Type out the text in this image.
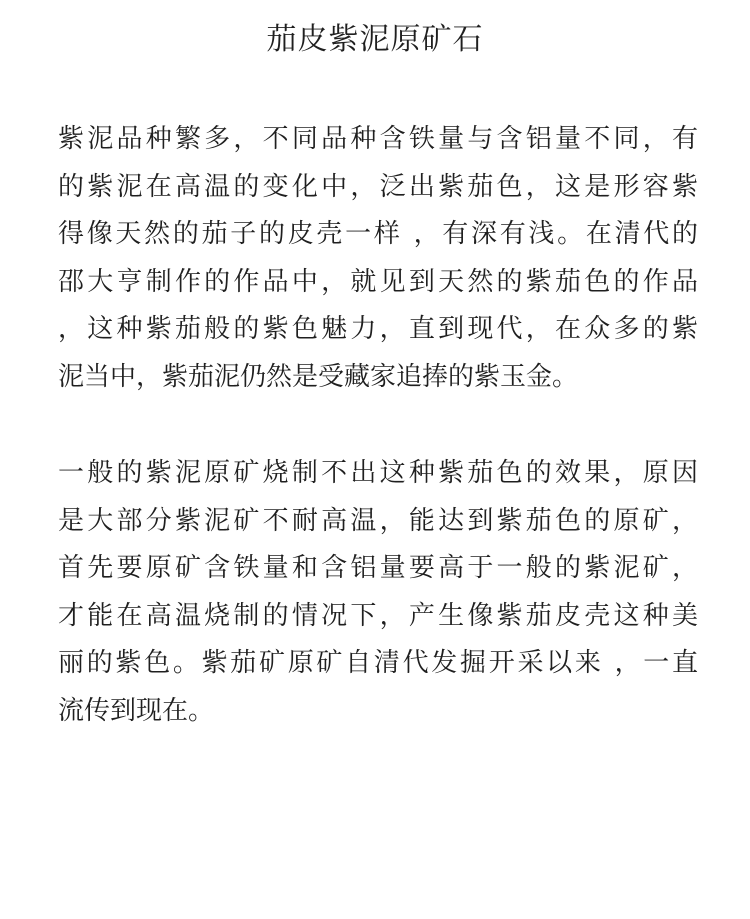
茄皮紫泥原矿石
紫泥品种繁多，不同品种含铁量与含铝量不同，有
的紫泥在高温的变化中，泛出紫茄色，这是形容紫
得像天然的茄子的皮壳一样 ，有深有浅。在清代的
邵大亨制作的作品中，就见到天然的紫茄色的作品
，这种紫茄般的紫色魅力，直到现代，在众多的紫
泥当中，紫茄泥仍然是受藏家追捧的紫玉金。
一般的紫泥原矿烧制不出这种紫茄色的效果，原因
是大部分紫泥矿不耐高温，能达到紫茄色的原矿，
首先要原矿含铁量和含铝量要高于一般的紫泥矿，
才能在高温烧制的情况下，产生像紫茄皮壳这种美
丽的紫色。紫茄矿原矿自清代发掘开采以来 ，一直
流传到现在。
